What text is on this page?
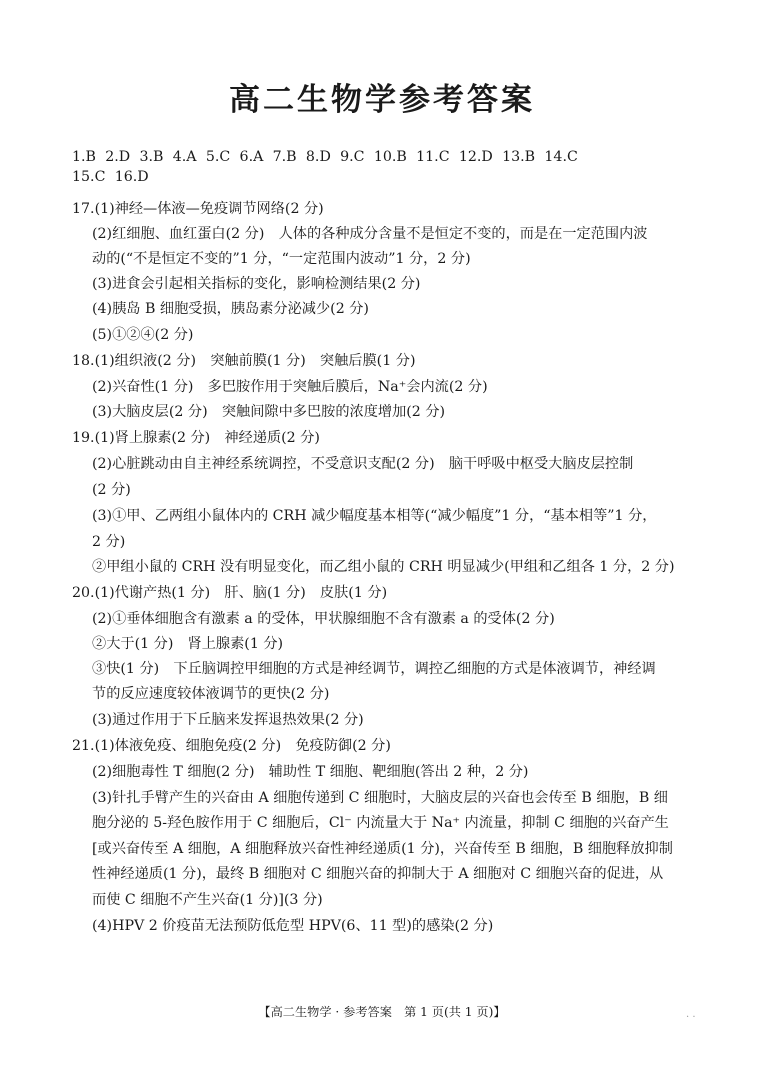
高二生物学参考答案
1.B 2.D 3.B 4.A 5.C 6.A 7.B 8.D 9.C 10.B 11.C 12.D 13.B 14.C
15.C 16.D
17.(1)神经—体液—免疫调节网络(2 分)
(2)红细胞、血红蛋白(2 分)　人体的各种成分含量不是恒定不变的，而是在一定范围内波
动的(“不是恒定不变的”1 分，“一定范围内波动”1 分，2 分)
(3)进食会引起相关指标的变化，影响检测结果(2 分)
(4)胰岛 B 细胞受损，胰岛素分泌减少(2 分)
(5)①②④(2 分)
18.(1)组织液(2 分)　突触前膜(1 分)　突触后膜(1 分)
(2)兴奋性(1 分)　多巴胺作用于突触后膜后，Na⁺会内流(2 分)
(3)大脑皮层(2 分)　突触间隙中多巴胺的浓度增加(2 分)
19.(1)肾上腺素(2 分)　神经递质(2 分)
(2)心脏跳动由自主神经系统调控，不受意识支配(2 分)　脑干呼吸中枢受大脑皮层控制
(2 分)
(3)①甲、乙两组小鼠体内的 CRH 减少幅度基本相等(“减少幅度”1 分，“基本相等”1 分，
2 分)
②甲组小鼠的 CRH 没有明显变化，而乙组小鼠的 CRH 明显减少(甲组和乙组各 1 分，2 分)
20.(1)代谢产热(1 分)　肝、脑(1 分)　皮肤(1 分)
(2)①垂体细胞含有激素 a 的受体，甲状腺细胞不含有激素 a 的受体(2 分)
②大于(1 分)　肾上腺素(1 分)
③快(1 分)　下丘脑调控甲细胞的方式是神经调节，调控乙细胞的方式是体液调节，神经调
节的反应速度较体液调节的更快(2 分)
(3)通过作用于下丘脑来发挥退热效果(2 分)
21.(1)体液免疫、细胞免疫(2 分)　免疫防御(2 分)
(2)细胞毒性 T 细胞(2 分)　辅助性 T 细胞、靶细胞(答出 2 种，2 分)
(3)针扎手臂产生的兴奋由 A 细胞传递到 C 细胞时，大脑皮层的兴奋也会传至 B 细胞，B 细
胞分泌的 5-羟色胺作用于 C 细胞后，Cl⁻ 内流量大于 Na⁺ 内流量，抑制 C 细胞的兴奋产生
[或兴奋传至 A 细胞，A 细胞释放兴奋性神经递质(1 分)，兴奋传至 B 细胞，B 细胞释放抑制
性神经递质(1 分)，最终 B 细胞对 C 细胞兴奋的抑制大于 A 细胞对 C 细胞兴奋的促进，从
而使 C 细胞不产生兴奋(1 分)](3 分)
(4)HPV 2 价疫苗无法预防低危型 HPV(6、11 型)的感染(2 分)
【高二生物学 · 参考答案　第 1 页(共 1 页)】	. .
